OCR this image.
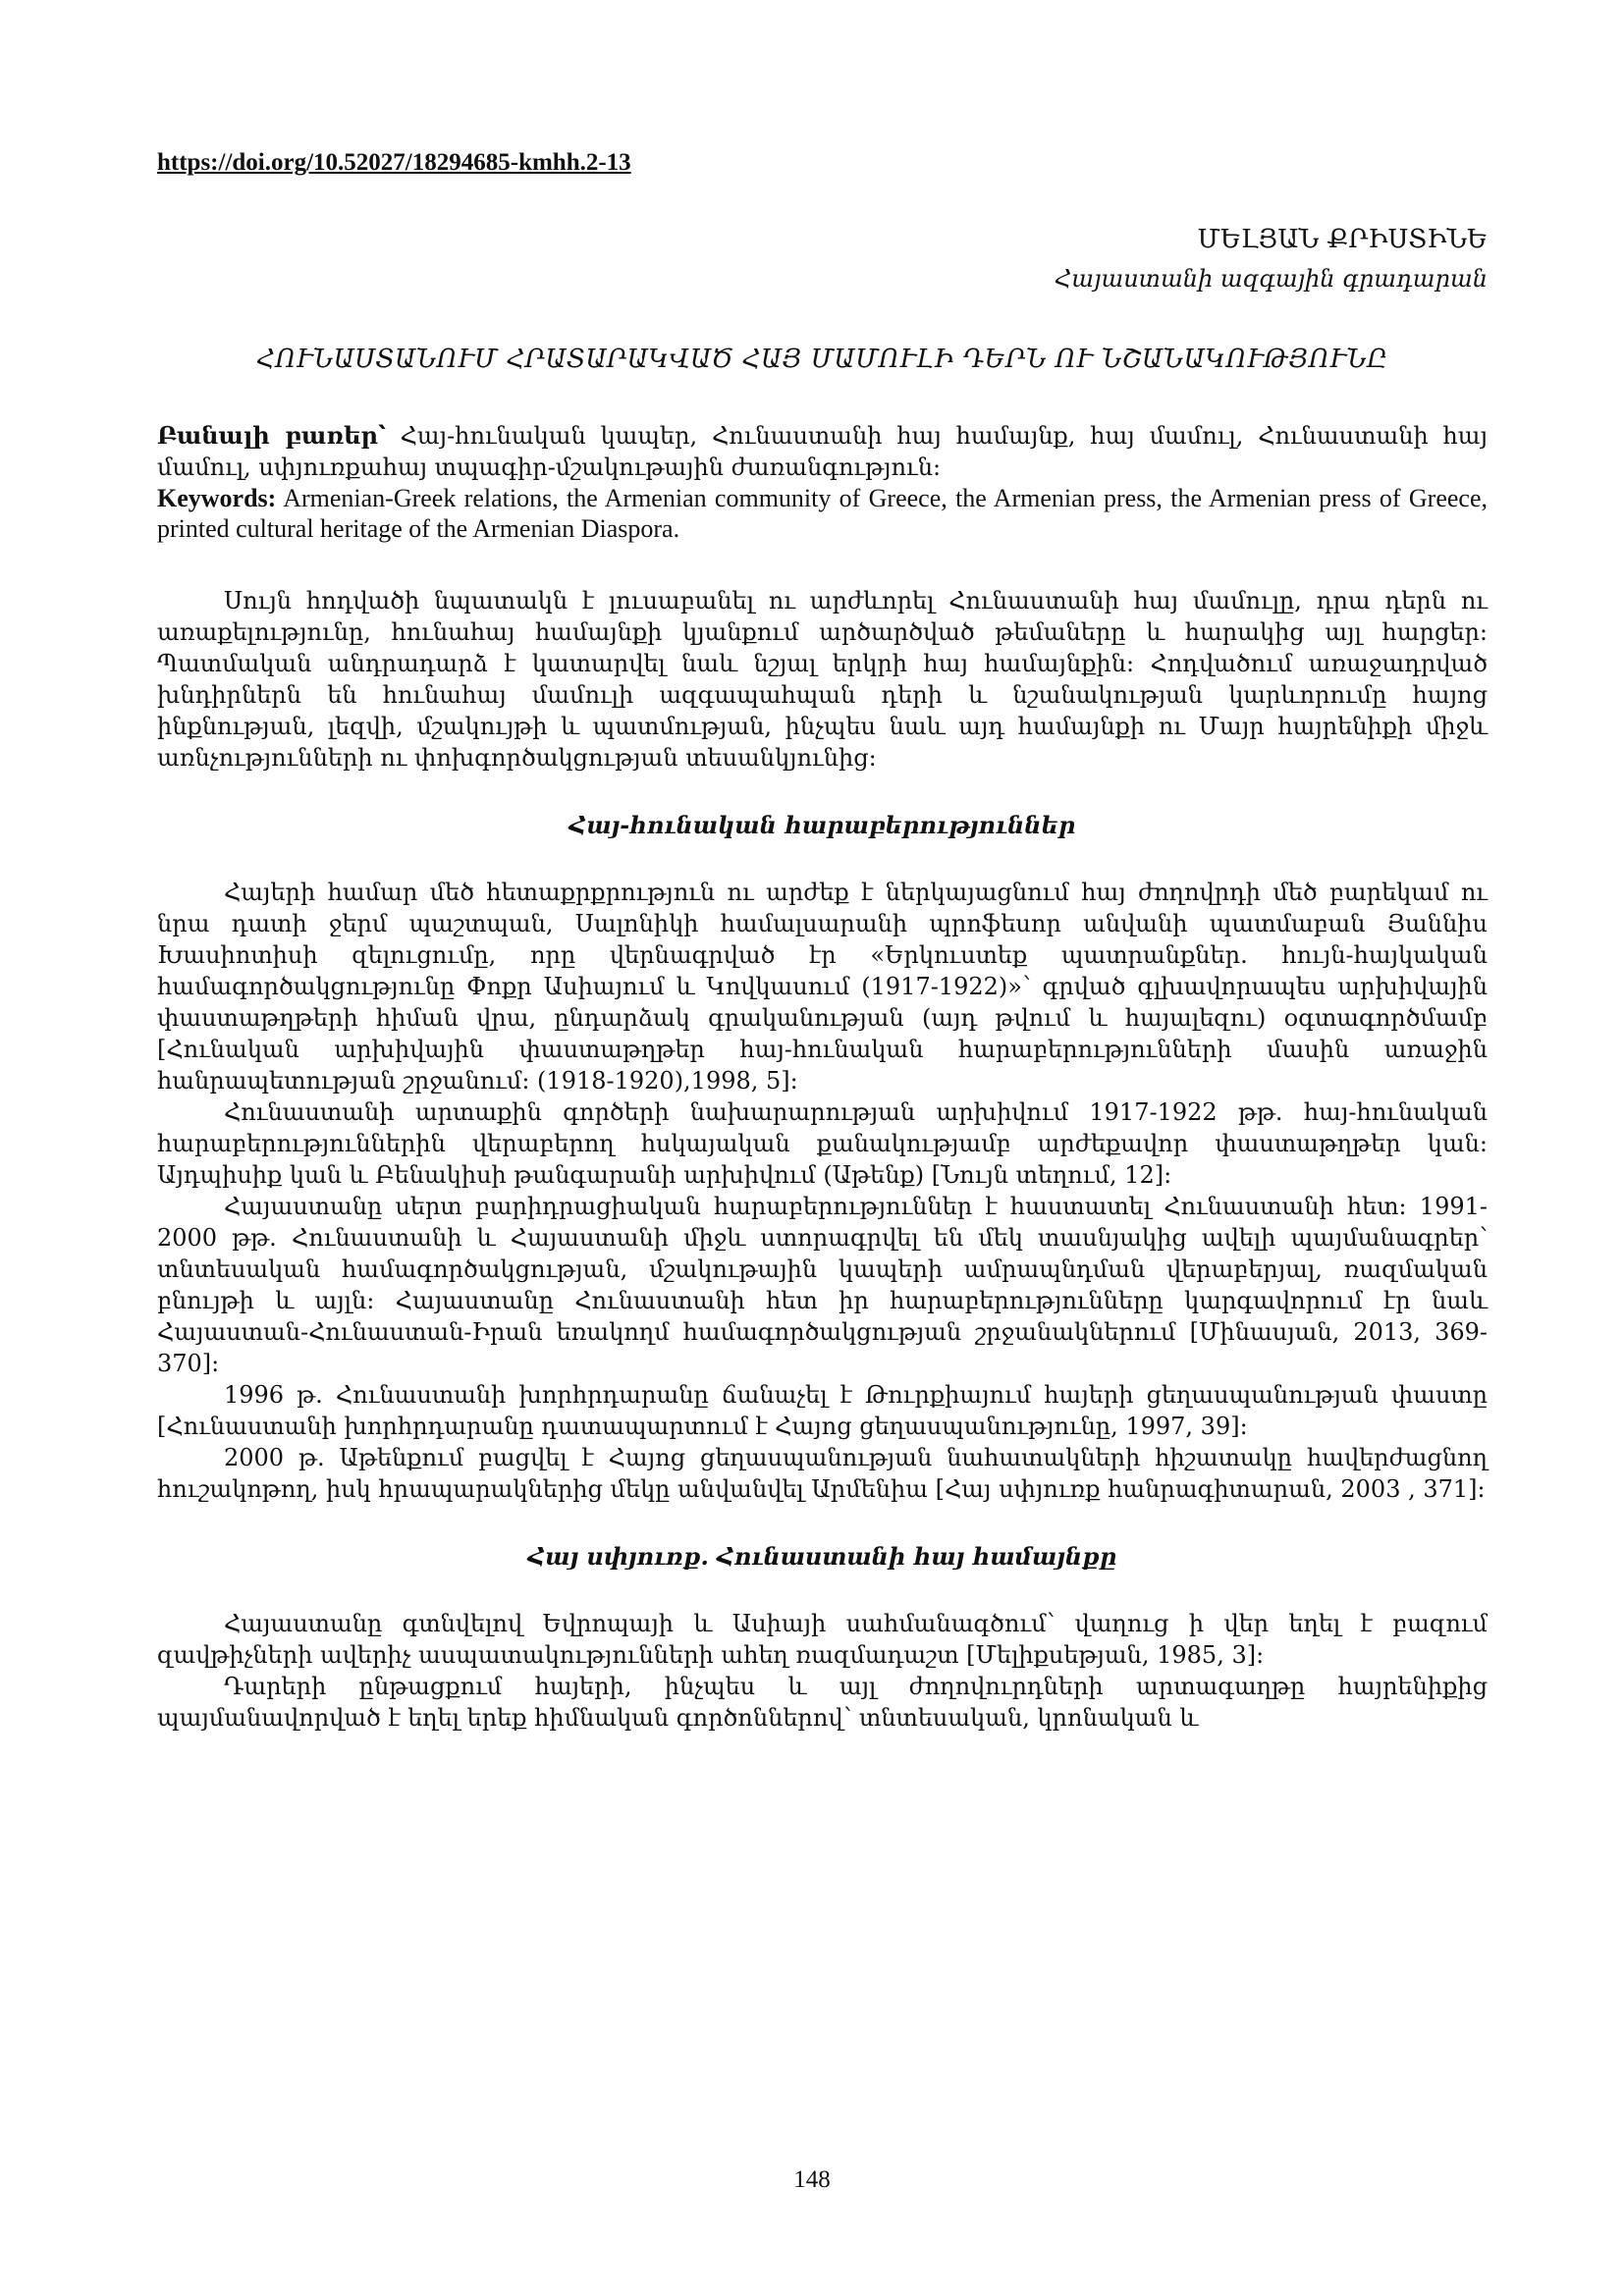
https://doi.org/10.52027/18294685-kmhh.2-13

ՄԵԼՅԱՆ ՔՐԻՍՏԻՆԵ

Հայաստանի ազգային գրադարան

ՀՈՒՆԱՍՏԱՆՈՒՄ ՀՐԱՏԱՐԱԿՎԱԾ ՀԱՅ ՄԱՄՈՒԼԻ ԴԵՐՆ ՈՒ ՆՇԱՆԱԿՈՒԹՅՈՒՆԸ

Բանալի բառեր՝ Հայ-հունական կապեր, Հունաստանի հայ համայնք, հայ մամուլ, Հունաստանի հայ մամուլ, սփյուռքահայ տպագիր-մշակութային ժառանգություն:

Keywords: Armenian-Greek relations, the Armenian community of Greece, the Armenian press, the Armenian press of Greece, printed cultural heritage of the Armenian Diaspora.

Սույն հոդվածի նպատակն է լուսաբանել ու արժևորել Հունաստանի հայ մամուլը, դրա դերն ու առաքելությունը, հունահայ համայնքի կյանքում արծարծված թեմաները և հարակից այլ հարցեր: Պատմական անդրադարձ է կատարվել նաև նշյալ երկրի հայ համայնքին: Հոդվածում առաջադրված խնդիրներն են հունահայ մամուլի ազգապահպան դերի և նշանակության կարևորումը հայոց ինքնության, լեզվի, մշակույթի և պատմության, ինչպես նաև այդ համայնքի ու Մայր հայրենիքի միջև առնչությունների ու փոխգործակցության տեսանկյունից:

Հայ-հունական հարաբերություններ

Հայերի համար մեծ հետաքրքրություն ու արժեք է ներկայացնում հայ ժողովրդի մեծ բարեկամ ու նրա դատի ջերմ պաշտպան, Սալոնիկի համալսարանի պրոֆեսոր անվանի պատմաբան Յաննիս Խասիոտիսի զելուցումը, որը վերնագրված էր «Երկուստեք պատրանքներ. հույն-հայկական համագործակցությունը Փոքր Ասիայում և Կովկասում (1917-1922)»՝ գրված գլխավորապես արխիվային փաստաթղթերի հիման վրա, ընդարձակ գրականության (այդ թվում և հայալեզու) օգտագործմամբ [Հունական արխիվային փաստաթղթեր հայ-հունական հարաբերությունների մասին առաջին հանրապետության շրջանում: (1918-1920),1998, 5]:

Հունաստանի արտաքին գործերի նախարարության արխիվում 1917-1922 թթ. հայ-հունական հարաբերություններին վերաբերող հսկայական քանակությամբ արժեքավոր փաստաթղթեր կան: Այդպիսիք կան և Բենակիսի թանգարանի արխիվում (Աթենք) [Նույն տեղում, 12]:

Հայաստանը սերտ բարիդրացիական հարաբերություններ է հաստատել Հունաստանի հետ: 1991-2000 թթ. Հունաստանի և Հայաստանի միջև ստորագրվել են մեկ տասնյակից ավելի պայմանագրեր՝ տնտեսական համագործակցության, մշակութային կապերի ամրապնդման վերաբերյալ, ռազմական բնույթի և այլն: Հայաստանը Հունաստանի հետ իր հարաբերությունները կարգավորում էր նաև Հայաստան-Հունաստան-Իրան եռակողմ համագործակցության շրջանակներում [Մինասյան, 2013, 369-370]:

1996 թ. Հունաստանի խորհրդարանը ճանաչել է Թուրքիայում հայերի ցեղասպանության փաստը [Հունաստանի խորհրդարանը դատապարտում է Հայոց ցեղասպանությունը, 1997, 39]:

2000 թ. Աթենքում բացվել է Հայոց ցեղասպանության նահատակների հիշատակը հավերժացնող հուշակոթող, իսկ հրապարակներից մեկը անվանվել Արմենիա [Հայ սփյուռք հանրագիտարան, 2003 , 371]:

Հայ սփյուռք. Հունաստանի հայ համայնքը

Հայաստանը գտնվելով Եվրոպայի և Ասիայի սահմանագծում՝ վաղուց ի վեր եղել է բազում զավթիչների ավերիչ ասպատակությունների ահեղ ռազմադաշտ [Մելիքսեթյան, 1985, 3]:

Դարերի ընթացքում հայերի, ինչպես և այլ ժողովուրդների արտագաղթը հայրենիքից պայմանավորված է եղել երեք հիմնական գործոններով՝ տնտեսական, կրոնական և

148
